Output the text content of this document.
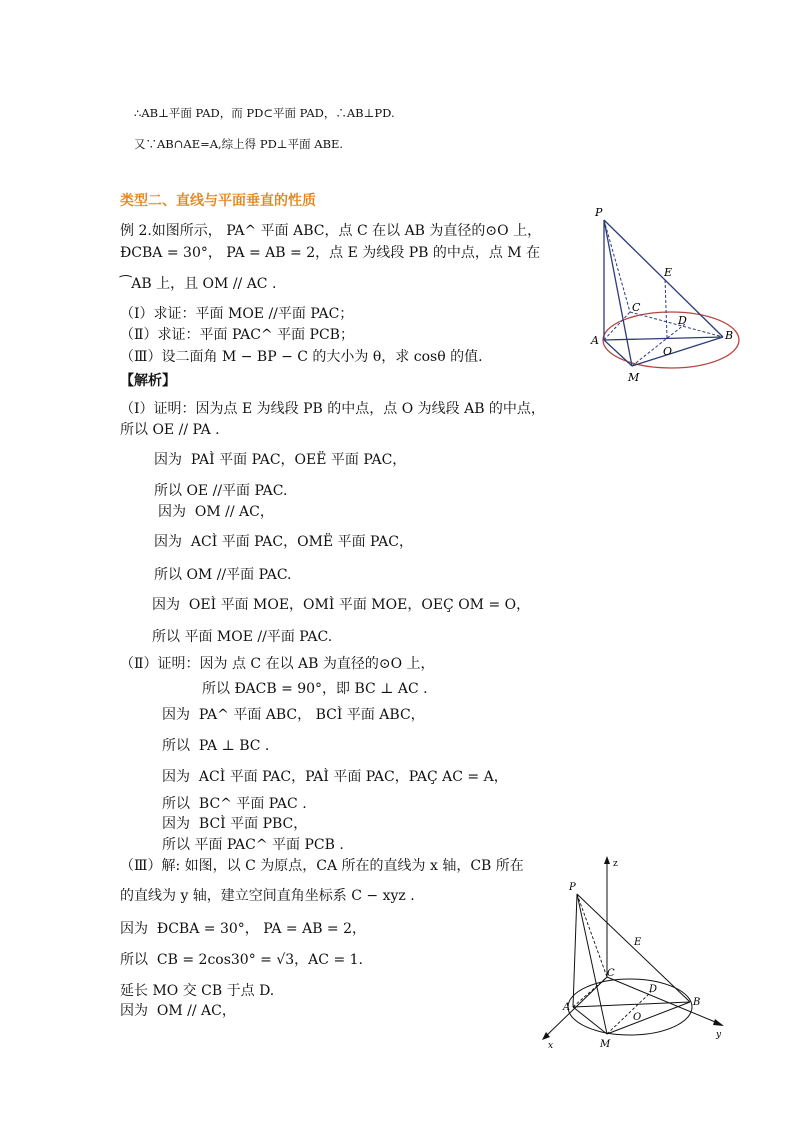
∴AB⊥平面 PAD，而 PD⊂平面 PAD，∴AB⊥PD.
又∵AB∩AE=A,综上得 PD⊥平面 ABE.
类型二、直线与平面垂直的性质
例 2.如图所示， PA^ 平面 ABC，点 C 在以 AB 为直径的⊙O 上，
ÐCBA = 30°， PA = AB = 2，点 E 为线段 PB 的中点，点 M 在
⁀AB 上，且 OM // AC .
（Ⅰ）求证：平面 MOE //平面 PAC；
（Ⅱ）求证：平面 PAC^ 平面 PCB；
（Ⅲ）设二面角 M − BP − C 的大小为 θ，求 cosθ 的值.
【解析】
（Ⅰ）证明：因为点 E 为线段 PB 的中点，点 O 为线段 AB 的中点，
所以 OE // PA .
因为  PAÌ 平面 PAC，OEË 平面 PAC，
所以 OE //平面 PAC.
因为  OM // AC，
因为  ACÌ 平面 PAC，OMË 平面 PAC，
所以 OM //平面 PAC.
因为  OEÌ 平面 MOE，OMÌ 平面 MOE，OEÇ OM = O，
所以 平面 MOE //平面 PAC.
（Ⅱ）证明：因为 点 C 在以 AB 为直径的⊙O 上，
所以 ÐACB = 90°，即 BC ⊥ AC .
因为  PA^ 平面 ABC， BCÌ 平面 ABC，
所以  PA ⊥ BC .
因为  ACÌ 平面 PAC，PAÌ 平面 PAC，PAÇ AC = A，
所以  BC^ 平面 PAC .
因为  BCÌ 平面 PBC，
所以 平面 PAC^ 平面 PCB .
（Ⅲ）解: 如图，以 C 为原点，CA 所在的直线为 x 轴，CB 所在
的直线为 y 轴，建立空间直角坐标系 C − xyz .
因为  ÐCBA = 30°， PA = AB = 2，
所以  CB = 2cos30° = √3，AC = 1.
延长 MO 交 CB 于点 D.
因为  OM // AC，
P
E
C
D
A
O
B
M
z
y
x
P
E
C
D
A
O
B
M
